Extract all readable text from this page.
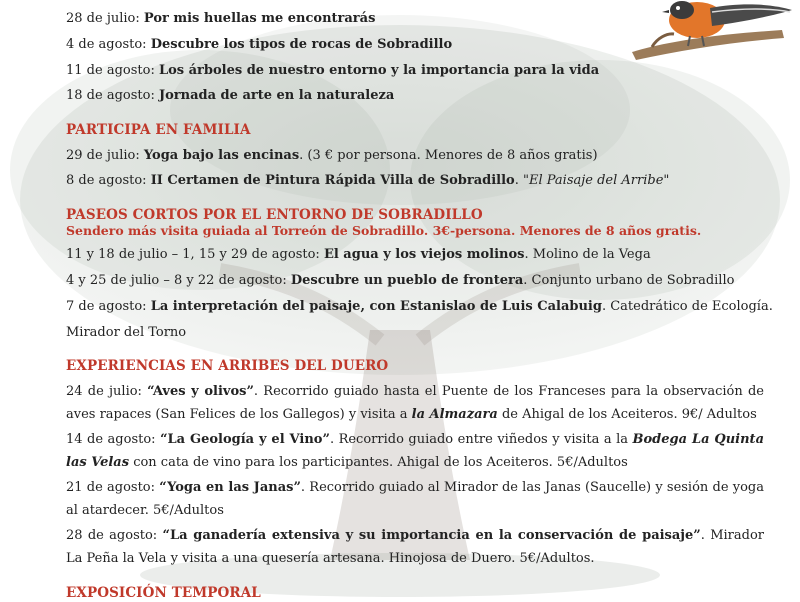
28 de julio: Por mis huellas me encontrarás
4 de agosto: Descubre los tipos de rocas de Sobradillo
11 de agosto: Los árboles de nuestro entorno y la importancia para la vida
18 de agosto: Jornada de arte en la naturaleza
PARTICIPA EN FAMILIA
29 de julio: Yoga bajo las encinas. (3 € por persona. Menores de 8 años gratis)
8 de agosto: II Certamen de Pintura Rápida Villa de Sobradillo. "El Paisaje del Arribe"
PASEOS CORTOS POR EL ENTORNO DE SOBRADILLO
Sendero más visita guiada al Torreón de Sobradillo. 3€-persona. Menores de 8 años gratis.
11 y 18 de julio – 1, 15 y 29 de agosto: El agua y los viejos molinos. Molino de la Vega
4 y 25 de julio – 8 y 22 de agosto: Descubre un pueblo de frontera. Conjunto urbano de Sobradillo
7 de agosto: La interpretación del paisaje, con Estanislao de Luis Calabuig. Catedrático de Ecología.
Mirador del Torno
EXPERIENCIAS EN ARRIBES DEL DUERO
24 de julio: “Aves y olivos”. Recorrido guiado hasta el Puente de los Franceses para la observación de aves rapaces (San Felices de los Gallegos) y visita a la Almazara de Ahigal de los Aceiteros. 9€/ Adultos
14 de agosto: “La Geología y el Vino”. Recorrido guiado entre viñedos y visita a la Bodega La Quinta las Velas con cata de vino para los participantes. Ahigal de los Aceiteros. 5€/Adultos
21 de agosto: “Yoga en las Janas”. Recorrido guiado al Mirador de las Janas (Saucelle) y sesión de yoga al atardecer. 5€/Adultos
28 de agosto: “La ganadería extensiva y su importancia en la conservación de paisaje”. Mirador La Peña la Vela y visita a una quesería artesana. Hinojosa de Duero. 5€/Adultos.
EXPOSICIÓN TEMPORAL
